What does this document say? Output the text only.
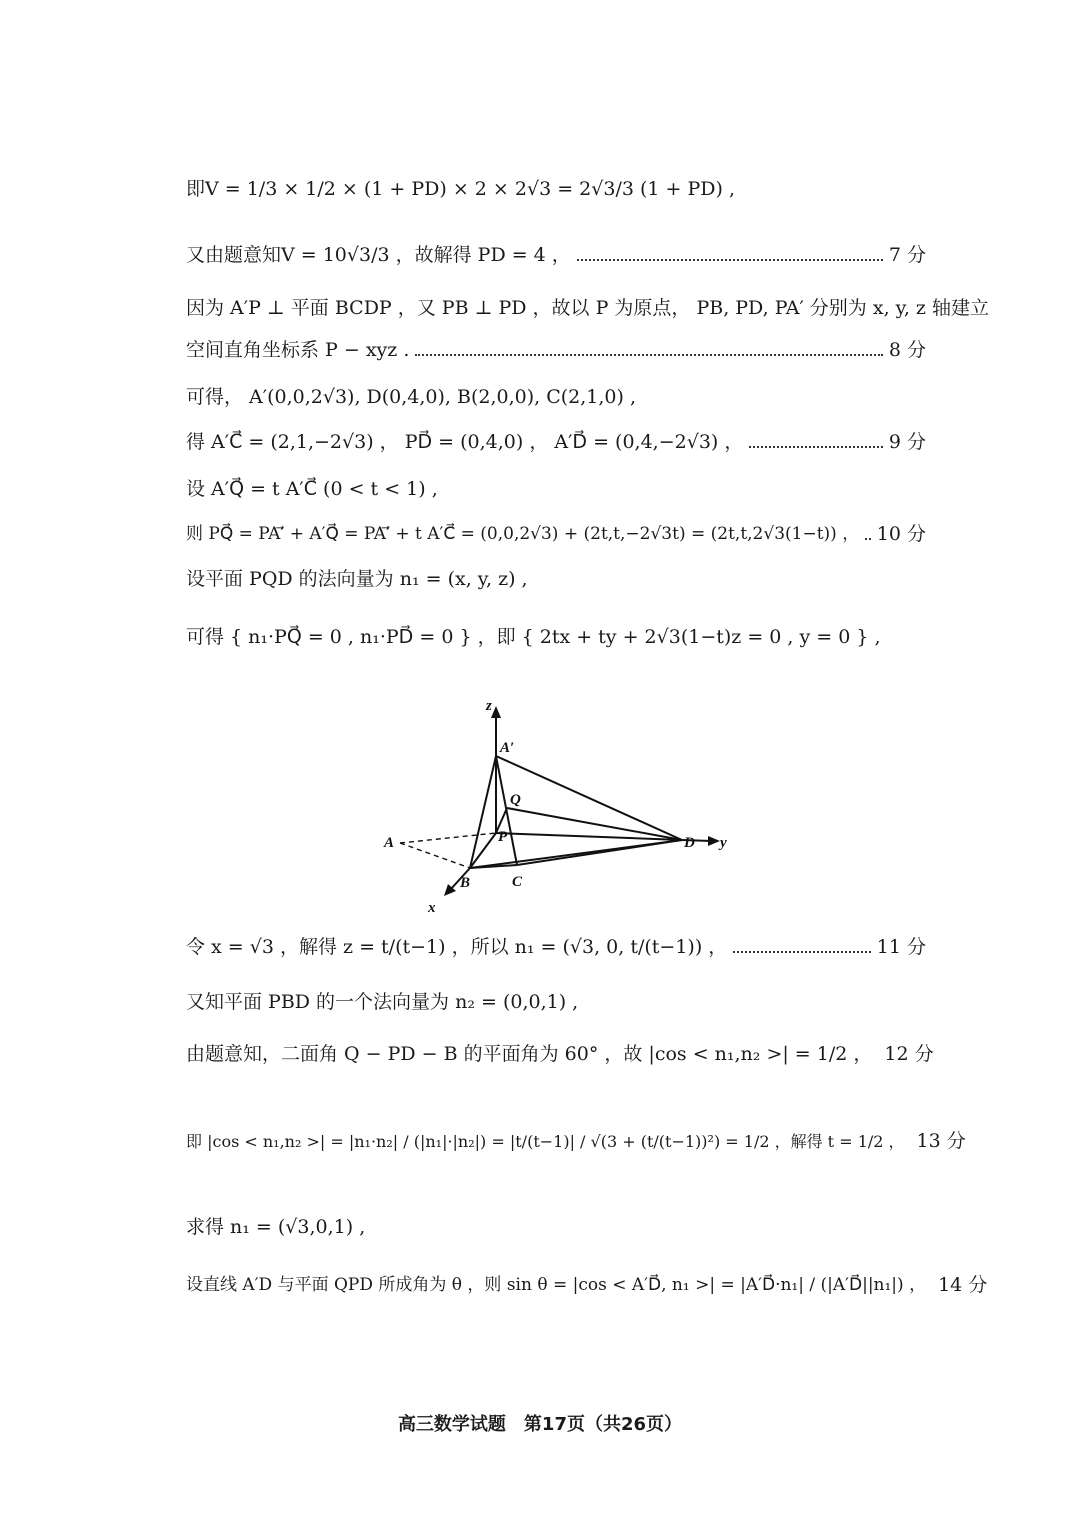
即V = 1/3 × 1/2 × (1 + PD) × 2 × 2√3 = 2√3/3 (1 + PD) ,
又由题意知V = 10√3/3 ，故解得 PD = 4 ，	7 分
因为 A′P ⊥ 平面 BCDP ，又 PB ⊥ PD ，故以 P 为原点， PB, PD, PA′ 分别为 x, y, z 轴建立
空间直角坐标系 P − xyz .	8 分
可得， A′(0,0,2√3), D(0,4,0), B(2,0,0), C(2,1,0) ,
得 A′C⃗ = (2,1,−2√3) ， PD⃗ = (0,4,0) ， A′D⃗ = (0,4,−2√3) ，	9 分
设 A′Q⃗ = t A′C⃗ (0 < t < 1) ,
则 PQ⃗ = PA′⃗ + A′Q⃗ = PA′⃗ + t A′C⃗ = (0,0,2√3) + (2t,t,−2√3t) = (2t,t,2√3(1−t)) ， 10 分
设平面 PQD 的法向量为 n₁ = (x, y, z) ,
可得 { n₁·PQ⃗ = 0 , n₁·PD⃗ = 0 } ，即 { 2tx + ty + 2√3(1−t)z = 0 , y = 0 } ,
z
A′
Q
P
A
B	C
D y
x
令 x = √3 ，解得 z = t/(t−1) ，所以 n₁ = (√3, 0, t/(t−1)) ，	11 分
又知平面 PBD 的一个法向量为 n₂ = (0,0,1) ,
由题意知，二面角 Q − PD − B 的平面角为 60° ，故 |cos < n₁,n₂ >| = 1/2 ， 12 分
即 |cos < n₁,n₂ >| = |n₁·n₂| / (|n₁|·|n₂|) = |t/(t−1)| / √(3 + (t/(t−1))²) = 1/2 ，解得 t = 1/2 ， 13 分
求得 n₁ = (√3,0,1) ,
设直线 A′D 与平面 QPD 所成角为 θ ，则 sin θ = |cos < A′D⃗, n₁ >| = |A′D⃗·n₁| / (|A′D⃗||n₁|) ， 14 分
高三数学试题　第17页（共26页）
